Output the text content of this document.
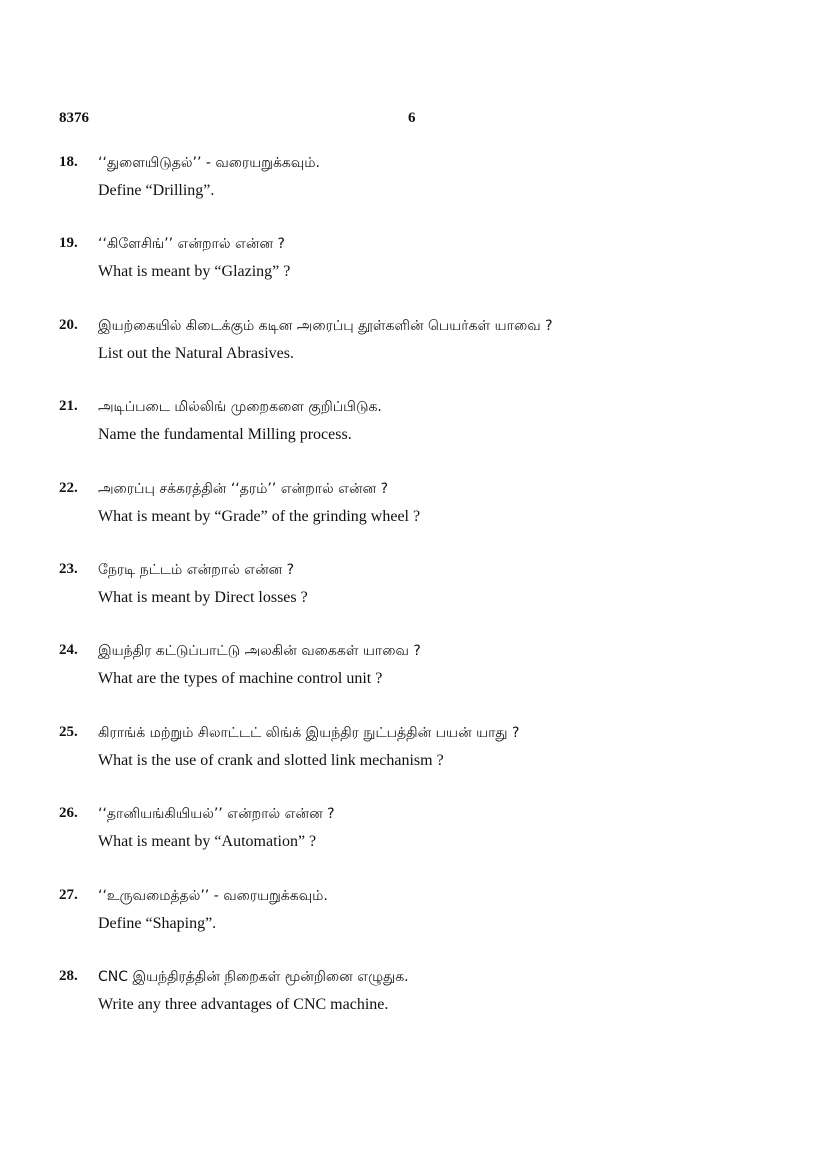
8376	6
18. ‘‘துளையிடுதல்’’ - வரையறுக்கவும்.
Define “Drilling”.
19. ‘‘கிளேசிங்’’ என்றால் என்ன ?
What is meant by “Glazing” ?
20. இயற்கையில் கிடைக்கும் கடின அரைப்பு தூள்களின் பெயர்கள் யாவை ?
List out the Natural Abrasives.
21. அடிப்படை மில்லிங் முறைகளை குறிப்பிடுக.
Name the fundamental Milling process.
22. அரைப்பு சக்கரத்தின் ‘‘தரம்’’ என்றால் என்ன ?
What is meant by “Grade” of the grinding wheel ?
23. நேரடி நட்டம் என்றால் என்ன ?
What is meant by Direct losses ?
24. இயந்திர கட்டுப்பாட்டு அலகின் வகைகள் யாவை ?
What are the types of machine control unit ?
25. கிராங்க் மற்றும் சிலாட்டட் லிங்க் இயந்திர நுட்பத்தின் பயன் யாது ?
What is the use of crank and slotted link mechanism ?
26. ‘‘தானியங்கியியல்’’ என்றால் என்ன ?
What is meant by “Automation” ?
27. ‘‘உருவமைத்தல்’’ - வரையறுக்கவும்.
Define “Shaping”.
28. CNC இயந்திரத்தின் நிறைகள் மூன்றினை எழுதுக.
Write any three advantages of CNC machine.
